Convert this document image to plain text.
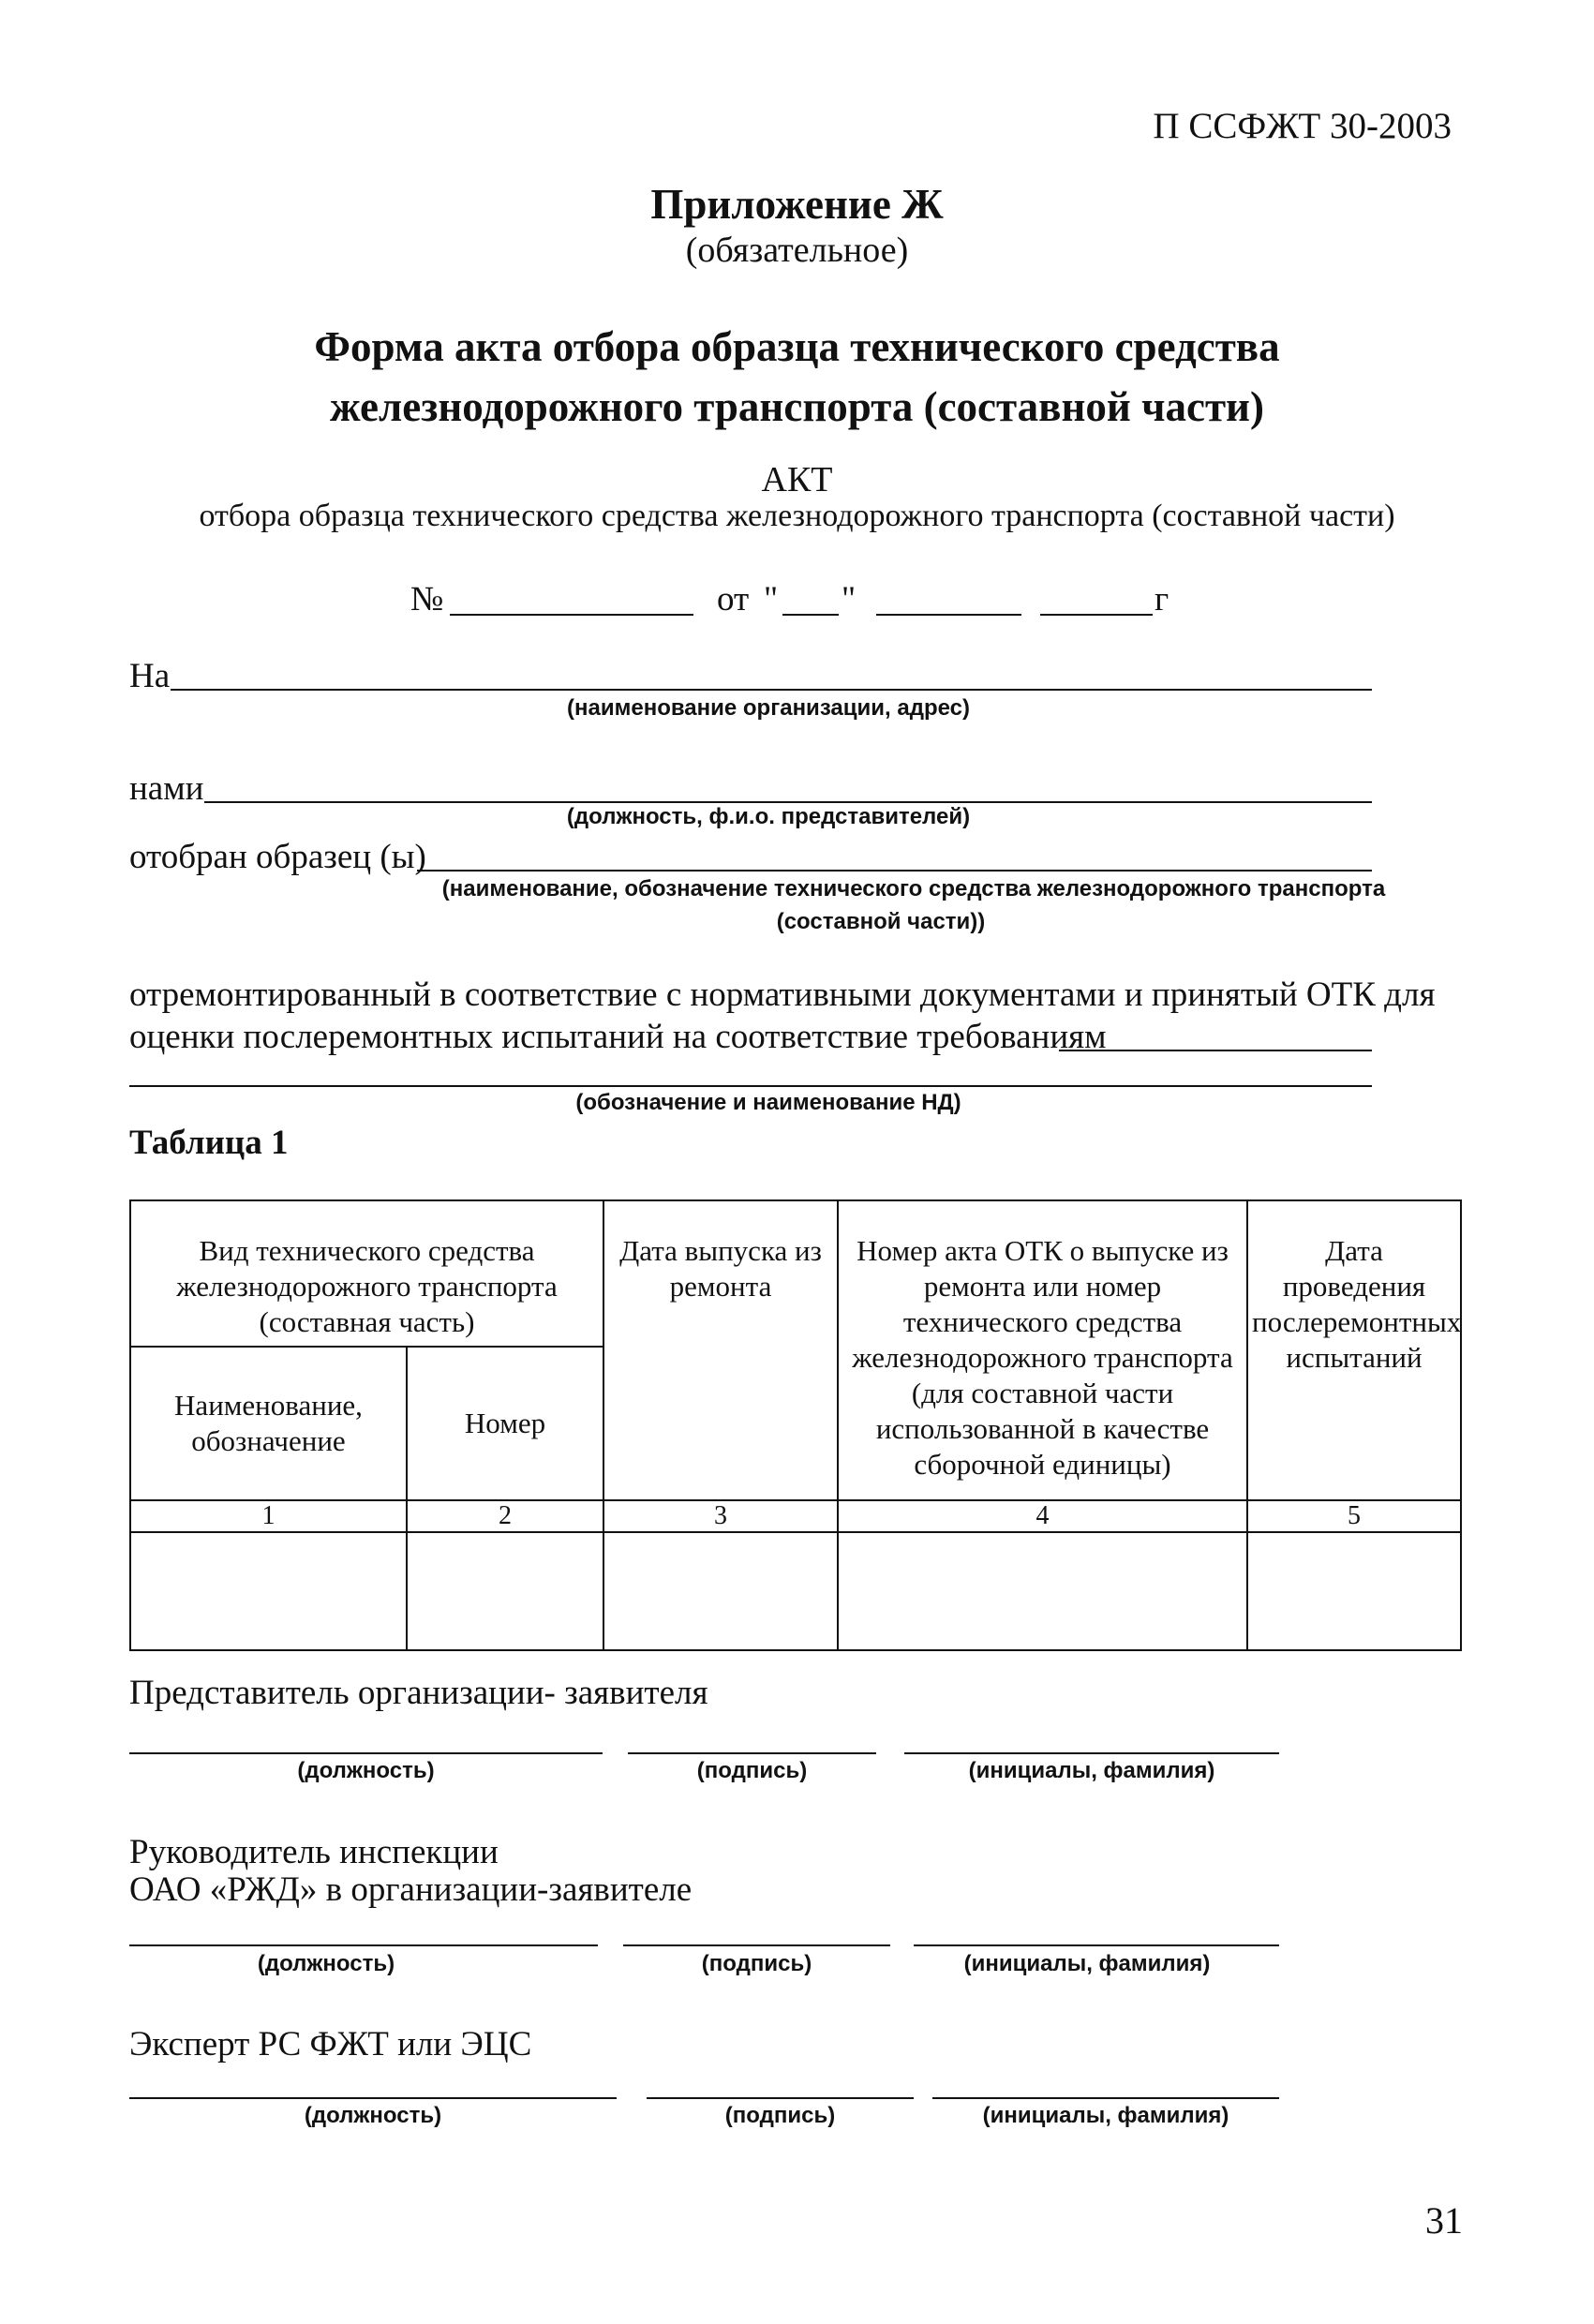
П ССФЖТ 30-2003
Приложение Ж
(обязательное)
Форма акта отбора образца технического средства
железнодорожного транспорта (составной части)
АКТ
отбора образца технического средства железнодорожного транспорта (составной части)
№	от " "	г
На
(наименование организации, адрес)
нами
(должность, ф.и.о. представителей)
отобран образец (ы)
(наименование, обозначение технического средства железнодорожного транспорта
(составной части))
отремонтированный в соответствие с нормативными документами и принятый ОТК для
оценки послеремонтных испытаний на соответствие требованиям
(обозначение и наименование НД)
Таблица 1
Вид технического средства железнодорожного транспорта (составная часть)		Дата выпуска из ремонта	Номер акта ОТК о выпуске из ремонта или номер технического средства железнодорожного транспорта (для составной части использованной в качестве сборочной единицы)	Дата проведения послеремонтных испытаний
Наименование, обозначение	Номер			
1	2	3	4	5

Представитель организации- заявителя
(должность)	(подпись)	(инициалы, фамилия)
Руководитель инспекции
ОАО «РЖД» в организации-заявителе
(должность)	(подпись)	(инициалы, фамилия)
Эксперт РС ФЖТ или ЭЦС
(должность)	(подпись)	(инициалы, фамилия)
31
